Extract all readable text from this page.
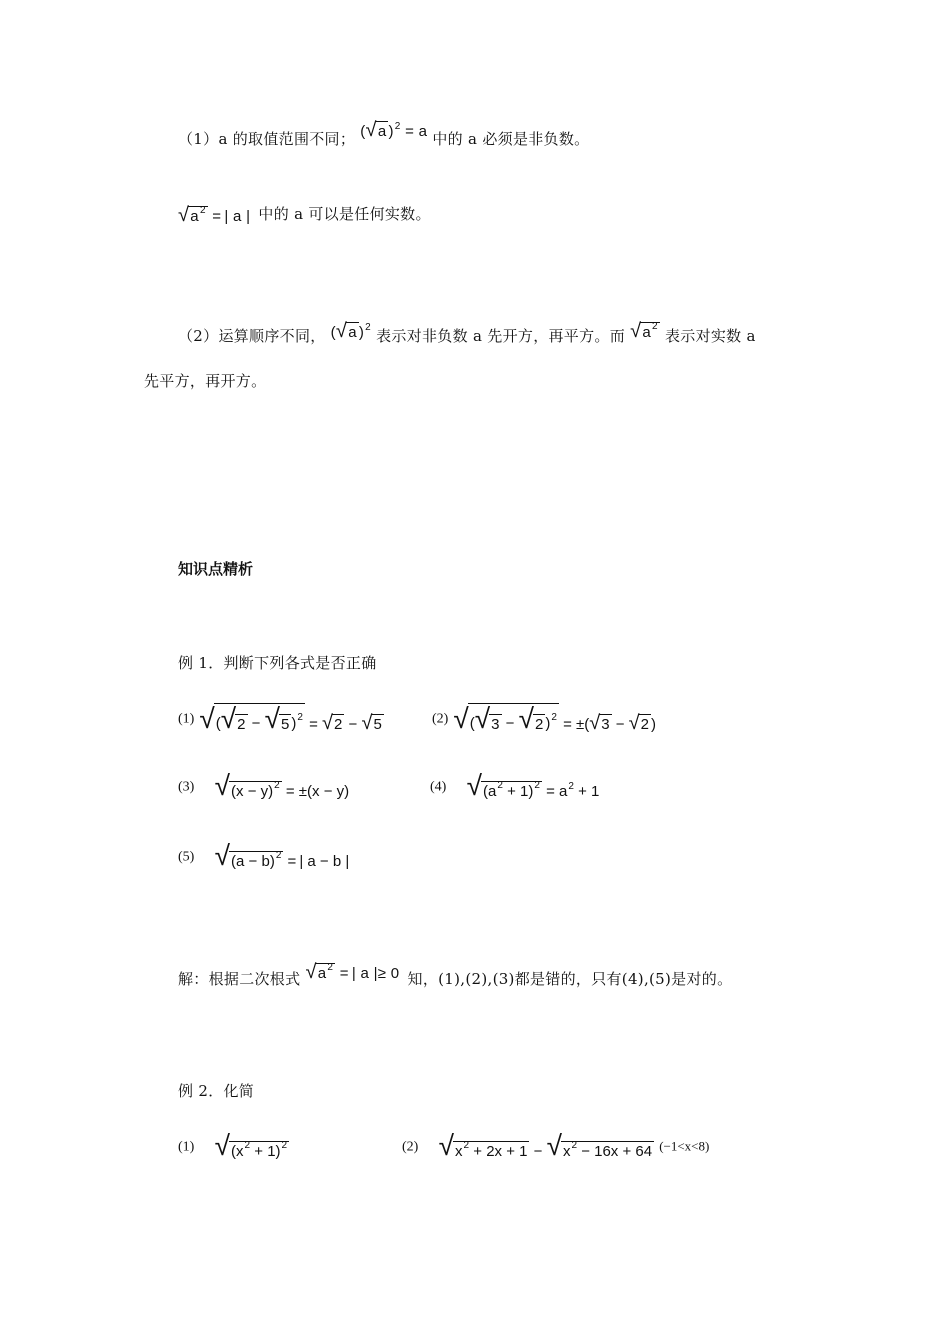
（1）a 的取值范围不同； ( √ a ) 2 = a 中的 a 必须是非负数。
√ $a^2$ = | a | 中的 a 可以是任何实数。
（2）运算顺序不同， ( √ a ) 2 表示对非负数 a 先开方，再平方。而 √ $a^2$
表示对实数 a
先平方，再开方。
知识点精析
例 1．判断下列各式是否正确
(1) √ ( √ 2 − √ 5 )$^2$ = √ 2 − √ 5	(2) √ ( √ 3 − √ 2 )$^2$ = ±( √ 3 − √ 2 )
(3) √ $(x - y)^2 = \pm(x - y)$	(4) √ $(a^2 + 1)^2 = a$ 2 + 1
(5) √ $(a - b)^2$ = | a − b |
解：根据二次根式 √ $a^2$ = | a |≥ 0 知，(1),(2),(3)都是错的，只有(4),(5)是对的。
例 2．化简
(1) √ $(x^2 + 1)^2$	(2) √ $x^2 + 2x + 1$ − √ $x^2 - 16x + 64$ (−1<x<8)
